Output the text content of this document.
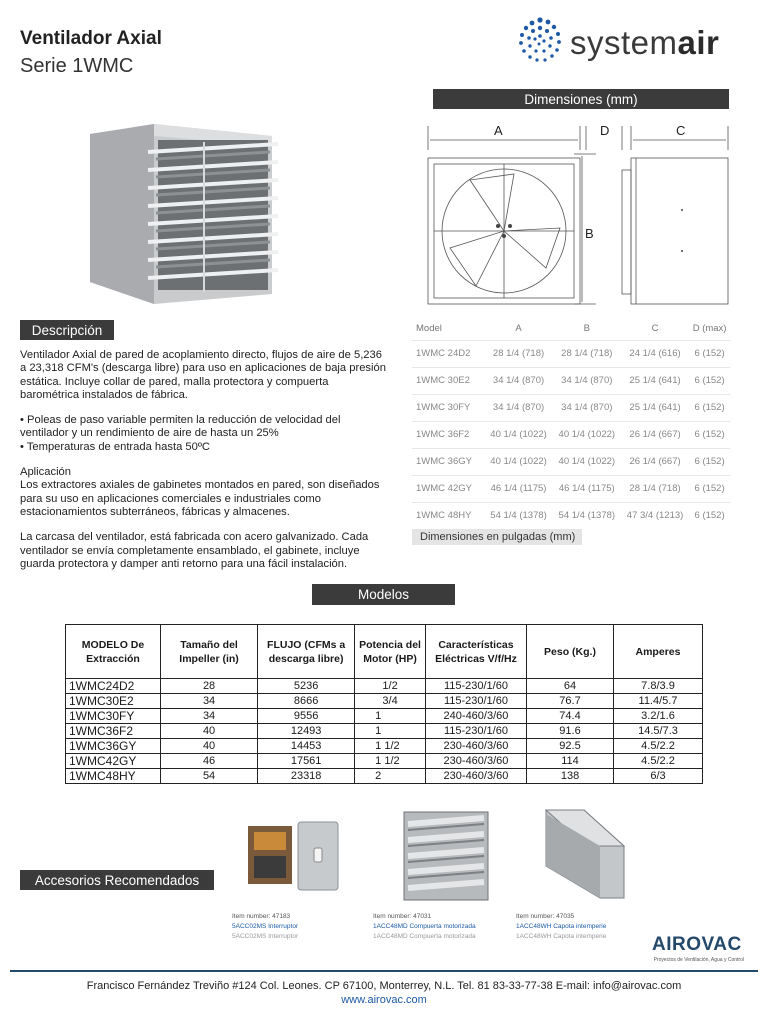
Ventilador Axial
Serie 1WMC
systemair
Dimensiones (mm)
Descripción
Modelos
Accesorios Recomendados
A	D	C
B

Ventilador Axial de pared de acoplamiento directo, flujos de aire de 5,236 a 23,318 CFM's (descarga libre) para uso en aplicaciones de baja presión estática. Incluye collar de pared, malla protectora y compuerta barométrica instalados de fábrica.

• Poleas de paso variable permiten la reducción de velocidad del ventilador y un rendimiento de aire de hasta un 25%
• Temperaturas de entrada hasta 50ºC
Aplicación

Los extractores axiales de gabinetes montados en pared, son diseñados para su uso en aplicaciones comerciales e industriales como estacionamientos subterráneos, fábricas y almacenes.

La carcasa del ventilador, está fabricada con acero galvanizado. Cada ventilador se envía completamente ensamblado, el gabinete, incluye guarda protectora y damper anti retorno para una fácil instalación.

Model	A	B	C	D (max)
1WMC 24D2	28 1/4 (718)	28 1/4 (718)	24 1/4 (616)	6 (152)
1WMC 30E2	34 1/4 (870)	34 1/4 (870)	25 1/4 (641)	6 (152)
1WMC 30FY	34 1/4 (870)	34 1/4 (870)	25 1/4 (641)	6 (152)
1WMC 36F2	40 1/4 (1022)	40 1/4 (1022)	26 1/4 (667)	6 (152)
1WMC 36GY	40 1/4 (1022)	40 1/4 (1022)	26 1/4 (667)	6 (152)
1WMC 42GY	46 1/4 (1175)	46 1/4 (1175)	28 1/4 (718)	6 (152)
1WMC 48HY	54 1/4 (1378)	54 1/4 (1378)	47 3/4 (1213)	6 (152)
Dimensiones en pulgadas (mm)
MODELO De Extracción	Tamaño del Impeller (in)	FLUJO (CFMs a descarga libre)	Potencia del Motor (HP)	Características Eléctricas V/f/Hz	Peso (Kg.)	Amperes
1WMC24D2	28	5236	1/2	115-230/1/60	64	7.8/3.9
1WMC30E2	34	8666	3/4	115-230/1/60	76.7	11.4/5.7
1WMC30FY	34	9556	1	240-460/3/60	74.4	3.2/1.6
1WMC36F2	40	12493	1	115-230/1/60	91.6	14.5/7.3
1WMC36GY	40	14453	1 1/2	230-460/3/60	92.5	4.5/2.2
1WMC42GY	46	17561	1 1/2	230-460/3/60	114	4.5/2.2
1WMC48HY	54	23318	2	230-460/3/60	138	6/3
Item number: 47183
5ACC02MS Interruptor
5ACC02MS Interruptor
Item number: 47031
1ACC48MD Compuerta motorizada
1ACC48MD Compuerta motorizada
Item number: 47035
1ACC48WH Capota intemperie
1ACC48WH Capota intemperie	AIROVAC
Proyectos de Ventilación, Agua y Control
Francisco Fernández Treviño #124 Col. Leones. CP 67100, Monterrey, N.L. Tel. 81 83-33-77-38 E-mail: info@airovac.com
www.airovac.com
